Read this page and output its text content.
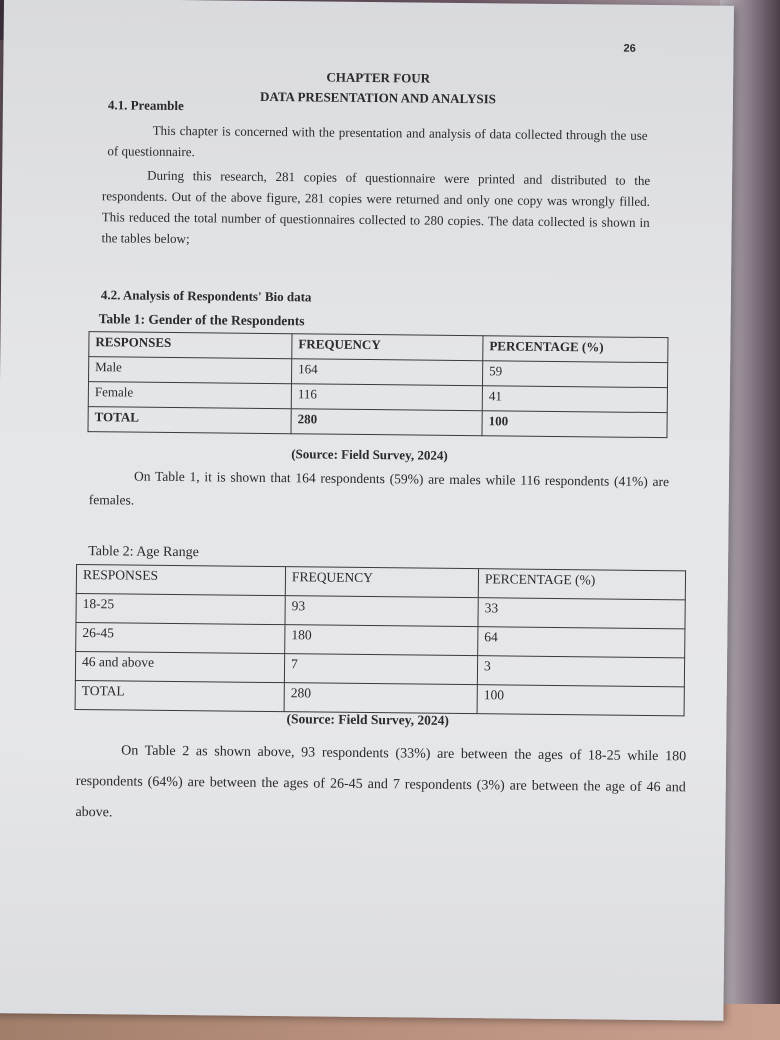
26
CHAPTER FOUR
DATA PRESENTATION AND ANALYSIS
4.1. Preamble
This chapter is concerned with the presentation and analysis of data collected through the use of questionnaire.
During this research, 281 copies of questionnaire were printed and distributed to the respondents. Out of the above figure, 281 copies were returned and only one copy was wrongly filled. This reduced the total number of questionnaires collected to 280 copies. The data collected is shown in the tables below;
4.2. Analysis of Respondents' Bio data
Table 1: Gender of the Respondents
RESPONSES	FREQUENCY	PERCENTAGE (%)
Male	164	59
Female	116	41
TOTAL	280	100
(Source: Field Survey, 2024)
On Table 1, it is shown that 164 respondents (59%) are males while 116 respondents (41%) are females.
Table 2: Age Range
RESPONSES	FREQUENCY	PERCENTAGE (%)
18-25	93	33
26-45	180	64
46 and above	7	3
TOTAL	280	100
(Source: Field Survey, 2024)
On Table 2 as shown above, 93 respondents (33%) are between the ages of 18-25 while 180 respondents (64%) are between the ages of 26-45 and 7 respondents (3%) are between the age of 46 and above.
